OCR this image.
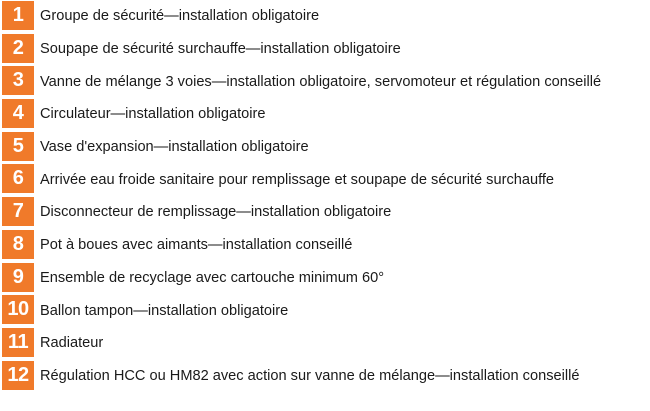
1	Groupe de sécurité—installation obligatoire
2	Soupape de sécurité surchauffe—installation obligatoire
3	Vanne de mélange 3 voies—installation obligatoire, servomoteur et régulation conseillé
4	Circulateur—installation obligatoire
5	Vase d'expansion—installation obligatoire
6	Arrivée eau froide sanitaire pour remplissage et soupape de sécurité surchauffe
7	Disconnecteur de remplissage—installation obligatoire
8	Pot à boues avec aimants—installation conseillé
9	Ensemble de recyclage avec cartouche minimum 60°
10 Ballon tampon—installation obligatoire
11 Radiateur
12 Régulation HCC ou HM82 avec action sur vanne de mélange—installation conseillé
